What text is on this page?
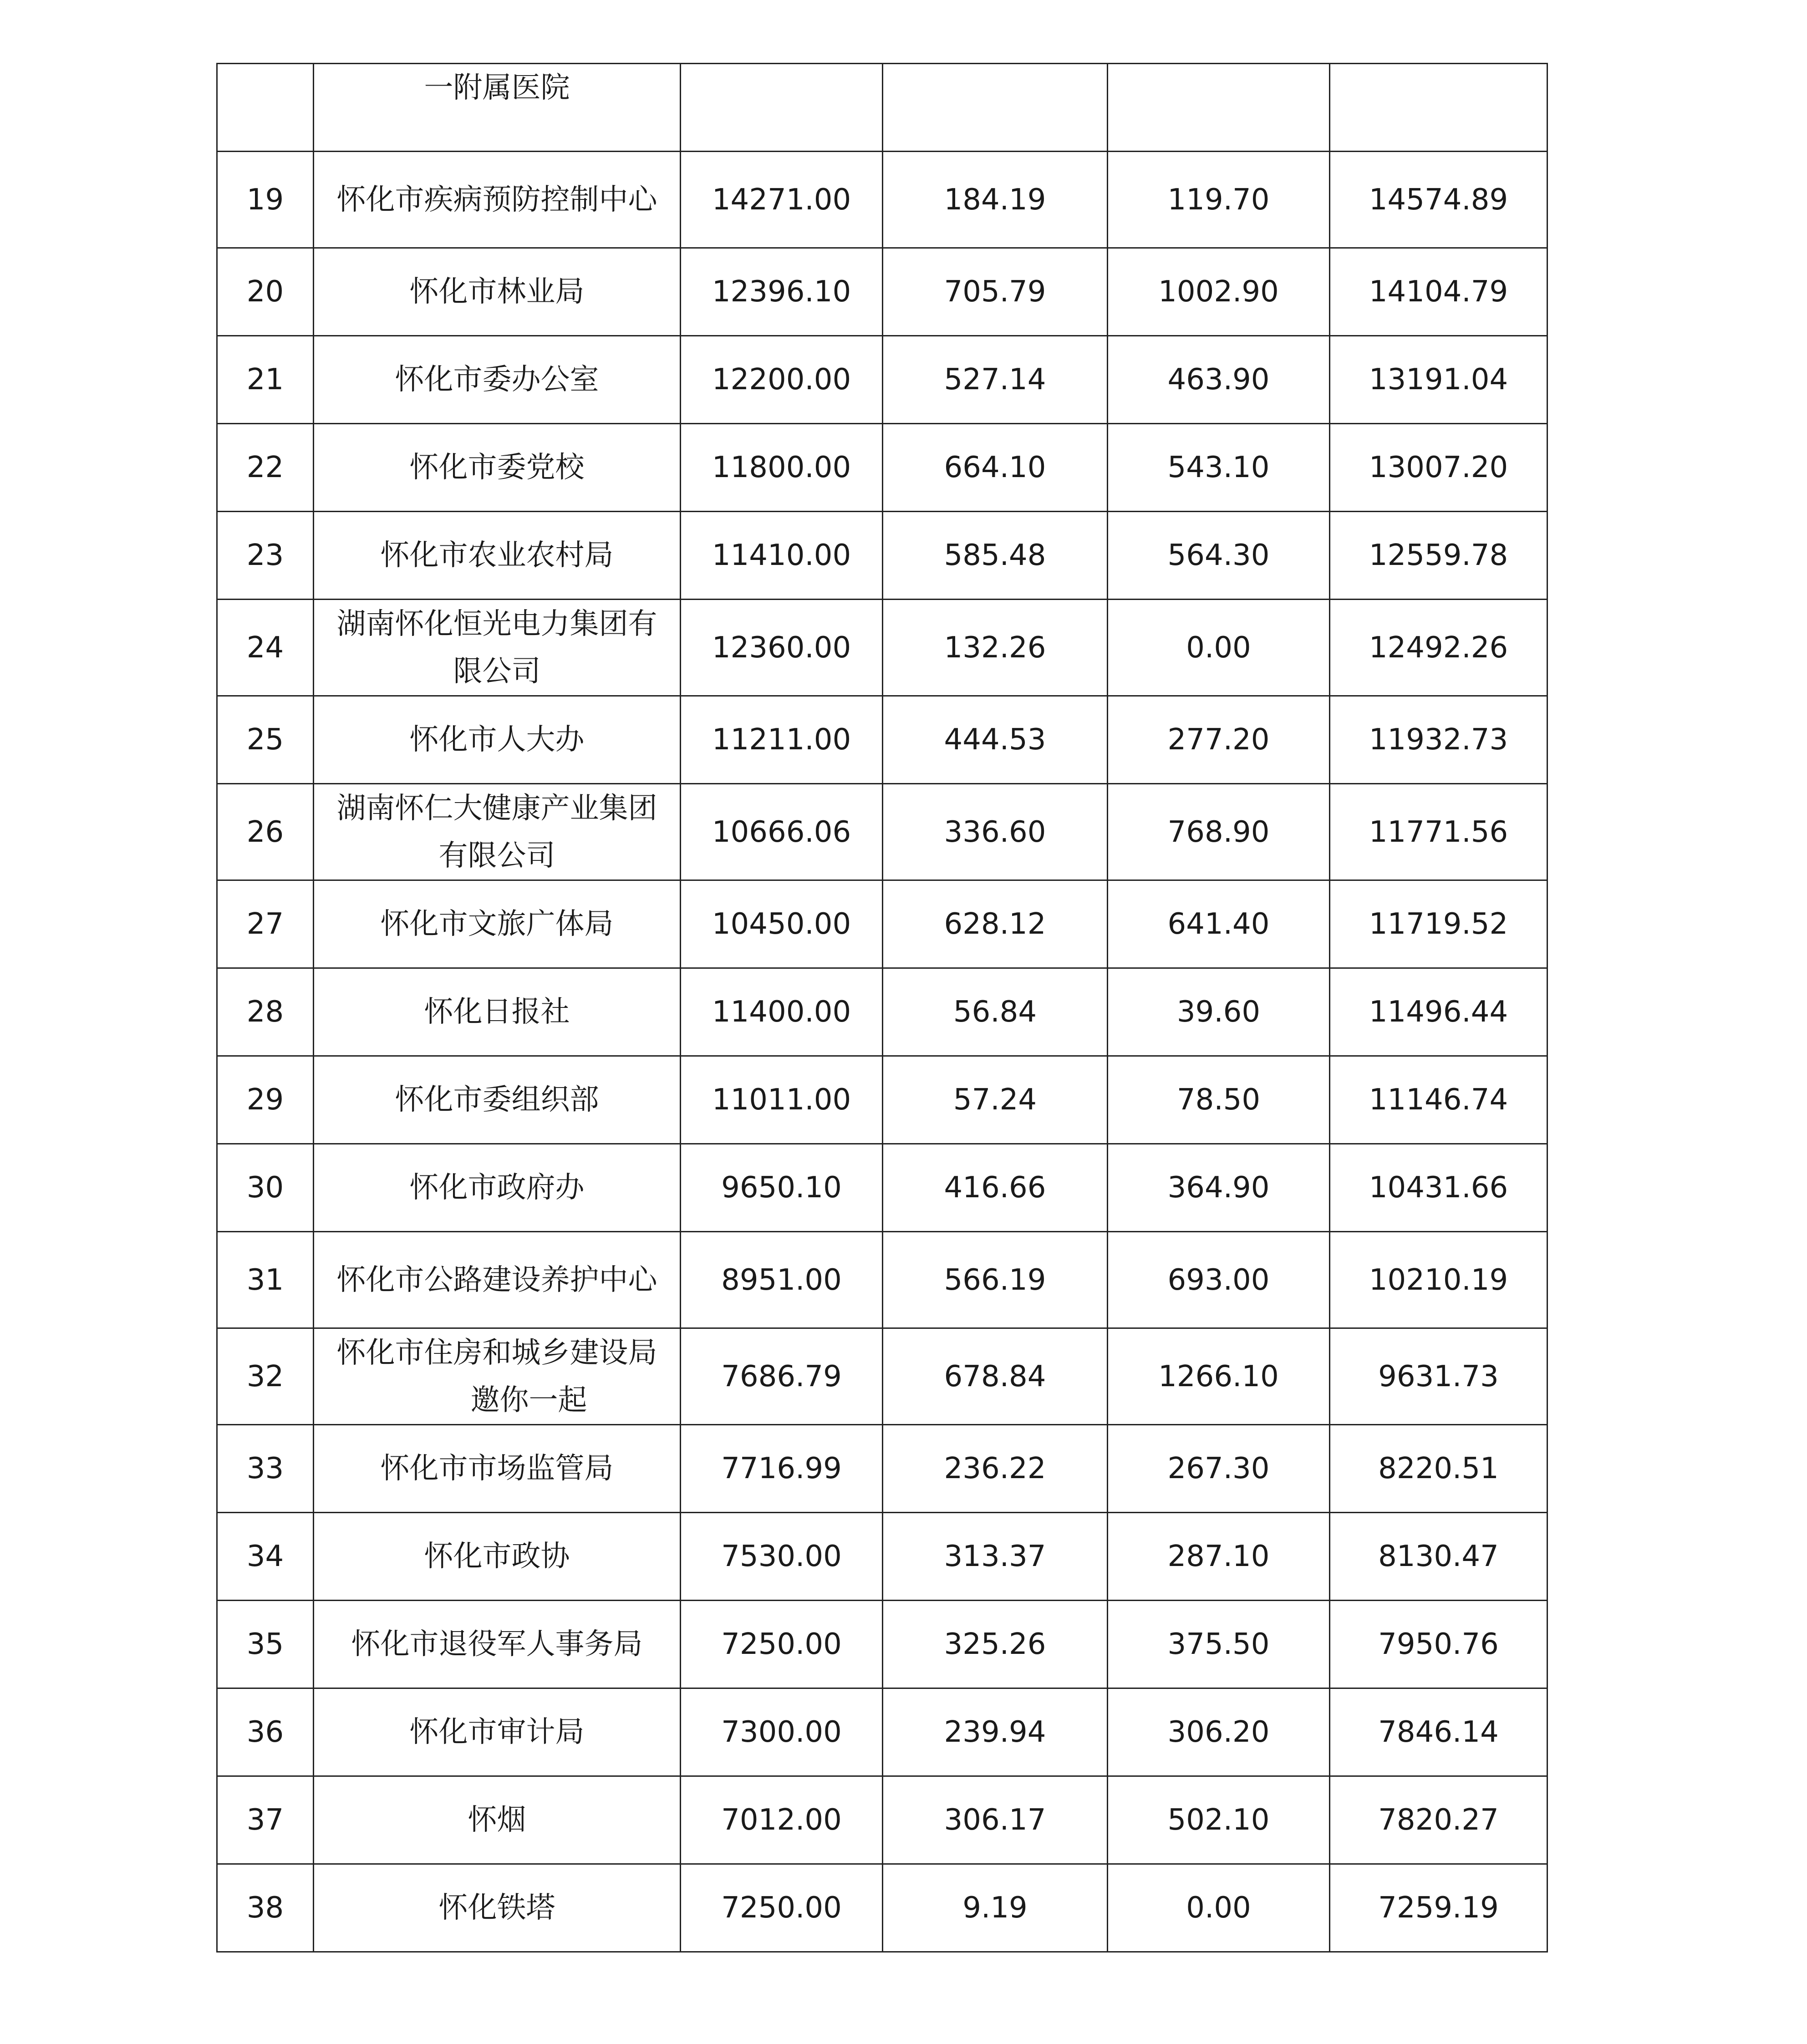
	一附属医院				
19	怀化市疾病预防控制中心	14271.00	184.19	119.70	14574.89
20	怀化市林业局	12396.10	705.79	1002.90	14104.79
21	怀化市委办公室	12200.00	527.14	463.90	13191.04
22	怀化市委党校	11800.00	664.10	543.10	13007.20
23	怀化市农业农村局	11410.00	585.48	564.30	12559.78
24	湖南怀化恒光电力集团有限公司	12360.00	132.26	0.00	12492.26
25	怀化市人大办	11211.00	444.53	277.20	11932.73
26	湖南怀仁大健康产业集团有限公司	10666.06	336.60	768.90	11771.56
27	怀化市文旅广体局	10450.00	628.12	641.40	11719.52
28	怀化日报社	11400.00	56.84	39.60	11496.44
29	怀化市委组织部	11011.00	57.24	78.50	11146.74
30	怀化市政府办	9650.10	416.66	364.90	10431.66
31	怀化市公路建设养护中心	8951.00	566.19	693.00	10210.19
32	怀化市住房和城乡建设局邀你一起	7686.79	678.84	1266.10	9631.73
33	怀化市市场监管局	7716.99	236.22	267.30	8220.51
34	怀化市政协	7530.00	313.37	287.10	8130.47
35	怀化市退役军人事务局	7250.00	325.26	375.50	7950.76
36	怀化市审计局	7300.00	239.94	306.20	7846.14
37	怀烟	7012.00	306.17	502.10	7820.27
38	怀化铁塔	7250.00	9.19	0.00	7259.19
